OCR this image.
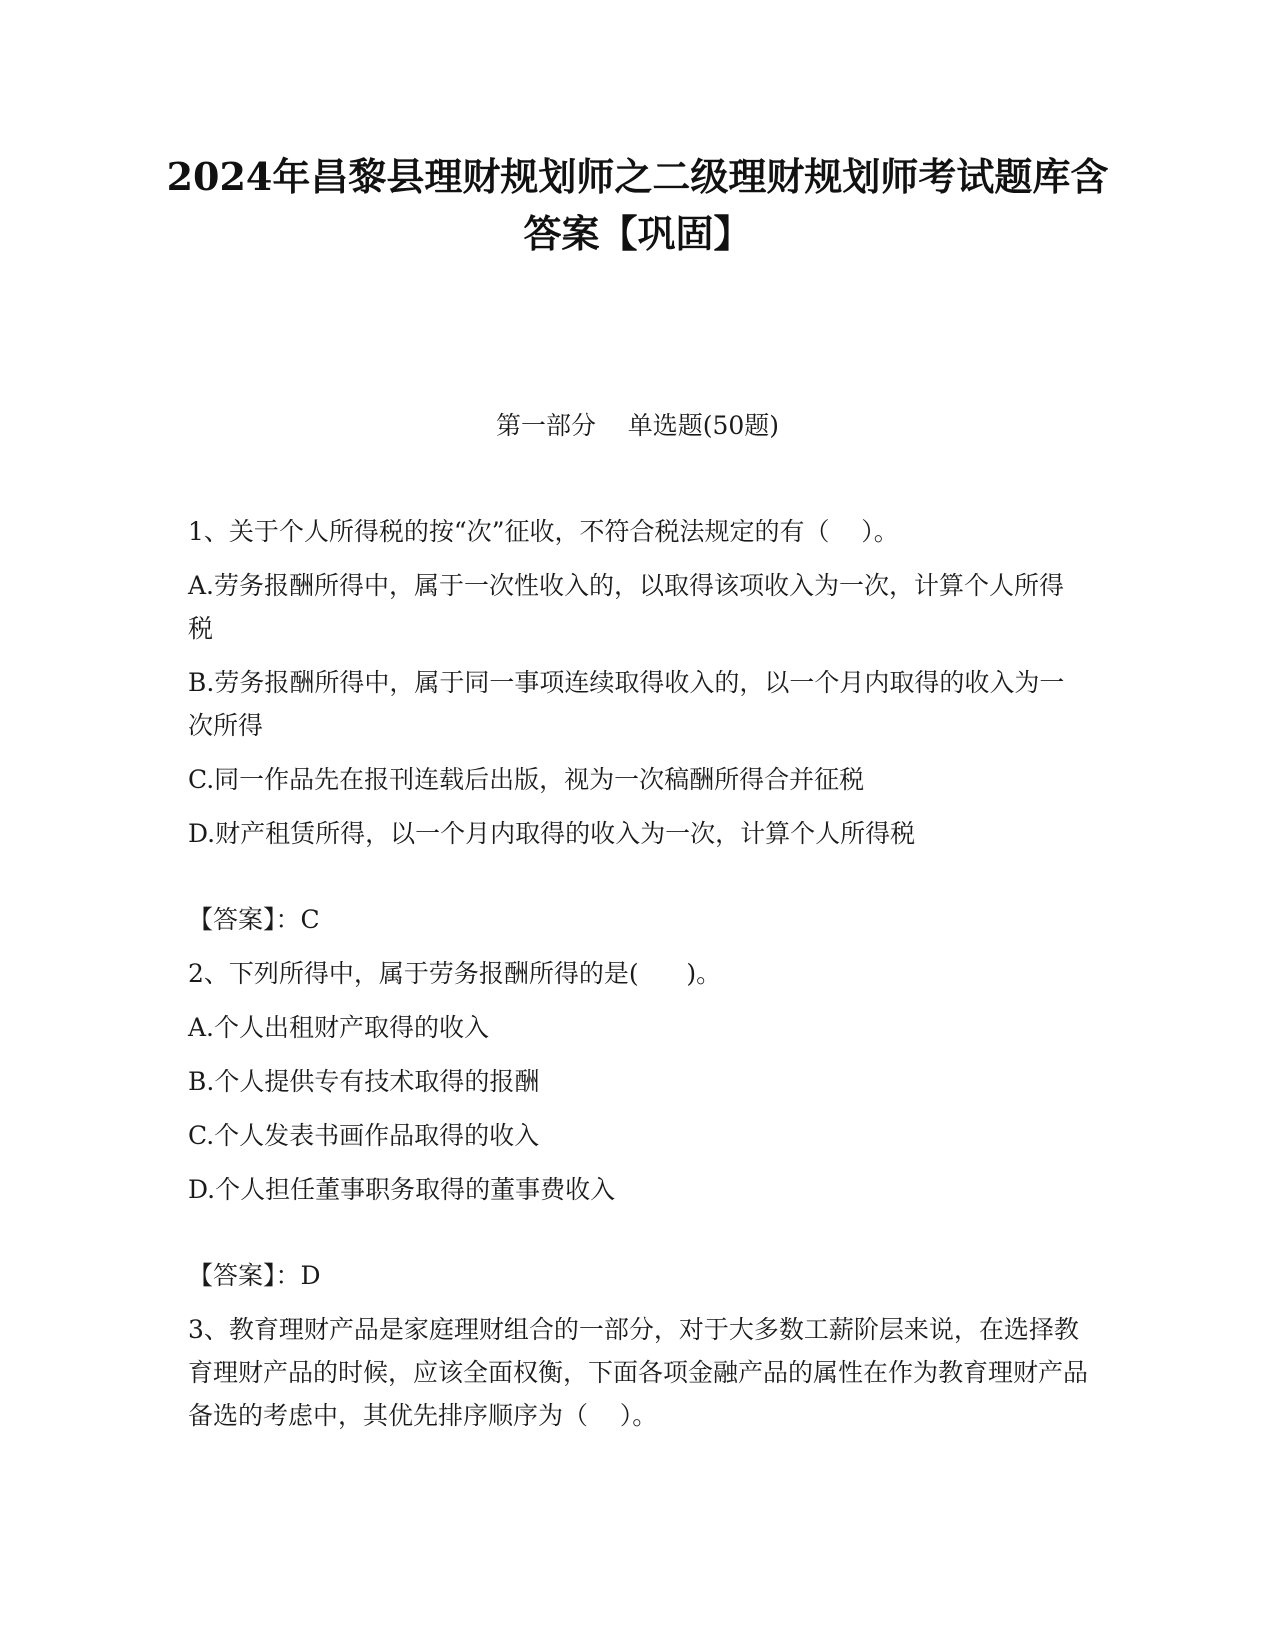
2024年昌黎县理财规划师之二级理财规划师考试题库含答案【巩固】
第一部分    单选题(50题)

1、关于个人所得税的按“次”征收，不符合税法规定的有（    ）。

A.劳务报酬所得中，属于一次性收入的，以取得该项收入为一次，计算个人所得税

B.劳务报酬所得中，属于同一事项连续取得收入的，以一个月内取得的收入为一次所得

C.同一作品先在报刊连载后出版，视为一次稿酬所得合并征税

D.财产租赁所得，以一个月内取得的收入为一次，计算个人所得税

【答案】：C

2、下列所得中，属于劳务报酬所得的是(      )。

A.个人出租财产取得的收入

B.个人提供专有技术取得的报酬

C.个人发表书画作品取得的收入

D.个人担任董事职务取得的董事费收入

【答案】：D

3、教育理财产品是家庭理财组合的一部分，对于大多数工薪阶层来说，在选择教育理财产品的时候，应该全面权衡，下面各项金融产品的属性在作为教育理财产品备选的考虑中，其优先排序顺序为（    ）。
